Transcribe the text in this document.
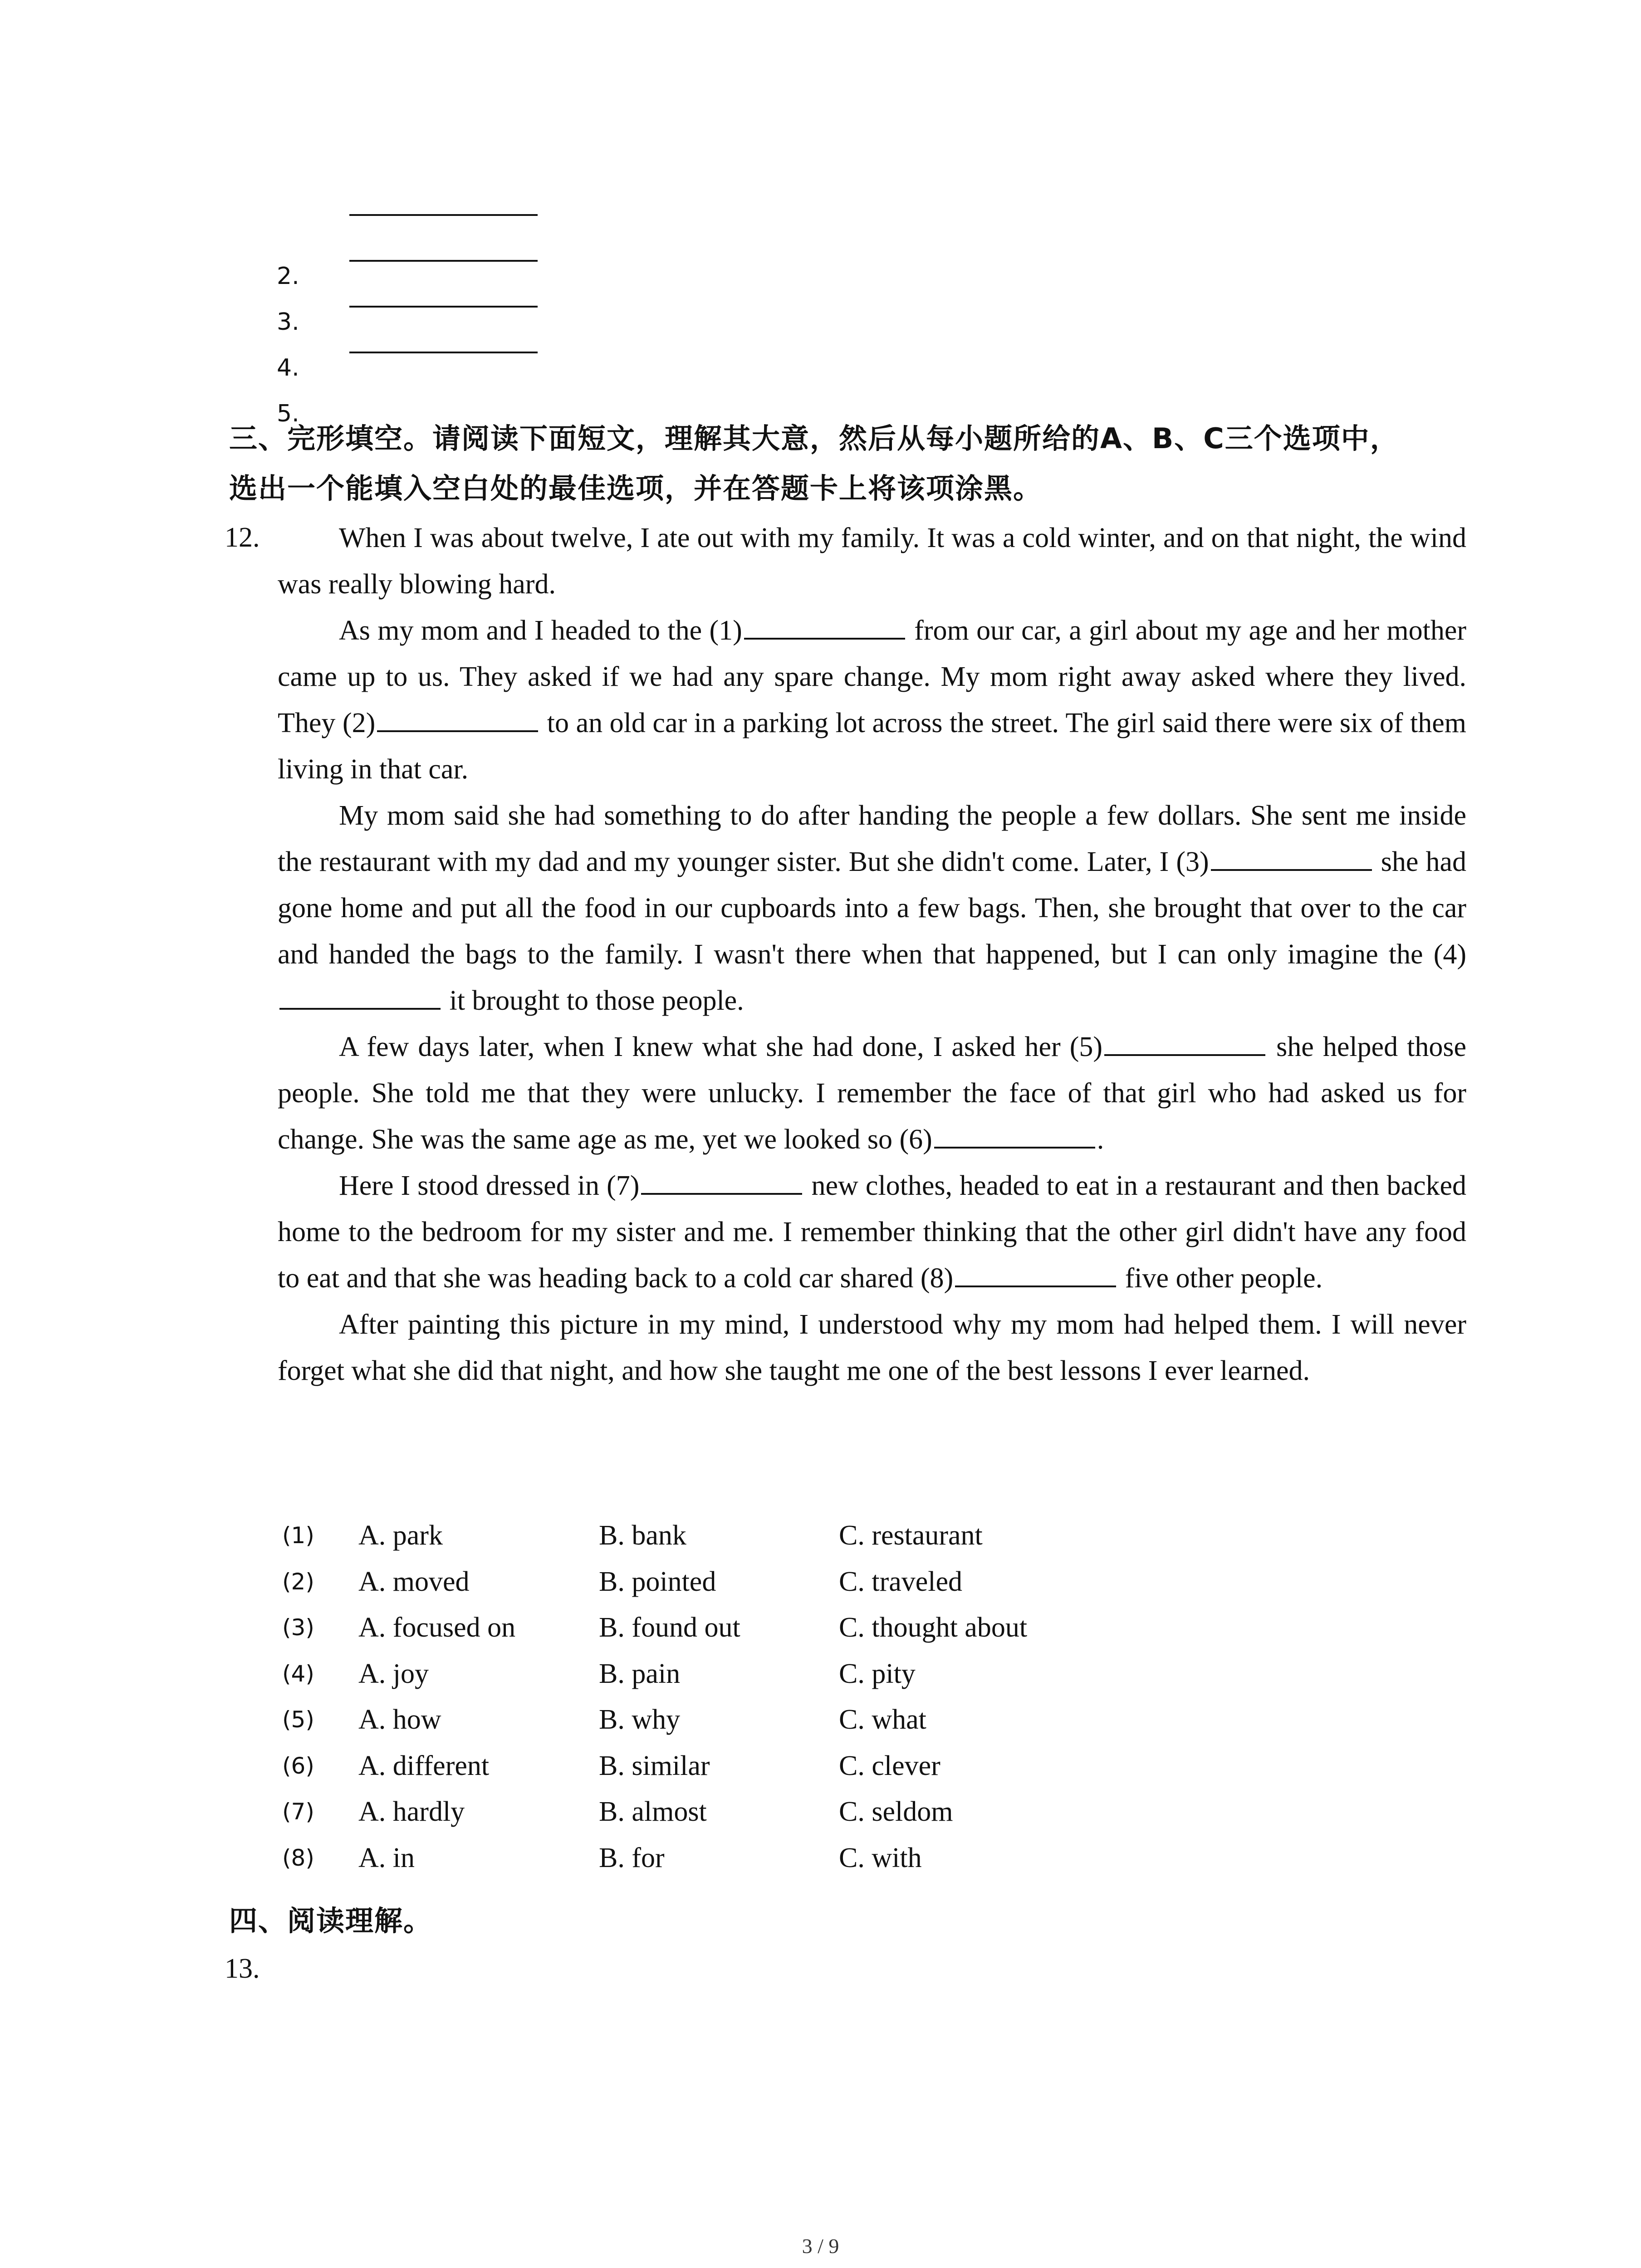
2.
3.
4.
5.
三、完形填空。请阅读下面短文，理解其大意，然后从每小题所给的A、B、C三个选项中，
选出一个能填入空白处的最佳选项，并在答题卡上将该项涂黑。
12.	When I was about twelve, I ate out with my family. It was a cold winter, and on that night, the wind was really blowing hard.

As my mom and I headed to the (1)	from our car, a girl about my age and her mother came up to us. They asked if we had any spare change. My mom right away asked where they lived. They (2)	to an old car in a parking lot across the street. The girl said there were six of them living in that car.

My mom said she had something to do after handing the people a few dollars. She sent me inside the restaurant with my dad and my younger sister. But she didn't come. Later, I (3)	she had gone home and put all the food in our cupboards into a few bags. Then, she brought that over to the car and handed the bags to the family. I wasn't there when that happened, but I can only imagine the (4) it brought to those people.

A few days later, when I knew what she had done, I asked her (5)	she helped those people. She told me that they were unlucky. I remember the face of that girl who had asked us for change. She was the same age as me, yet we looked so (6)	.

Here I stood dressed in (7)	new clothes, headed to eat in a restaurant and then backed home to the bedroom for my sister and me. I remember thinking that the other girl didn't have any food to eat and that she was heading back to a cold car shared (8)	five other people.

After painting this picture in my mind, I understood why my mom had helped them. I will never forget what she did that night, and how she taught me one of the best lessons I ever learned.

(1) A. park	B. bank	C. restaurant
(2) A. moved	B. pointed	C. traveled
(3) A. focused on	B. found out	C. thought about
(4) A. joy	B. pain	C. pity
(5) A. how	B. why	C. what
(6) A. different	B. similar	C. clever
(7) A. hardly	B. almost	C. seldom
(8) A. in	B. for	C. with
四、阅读理解。
13.
3 / 9
